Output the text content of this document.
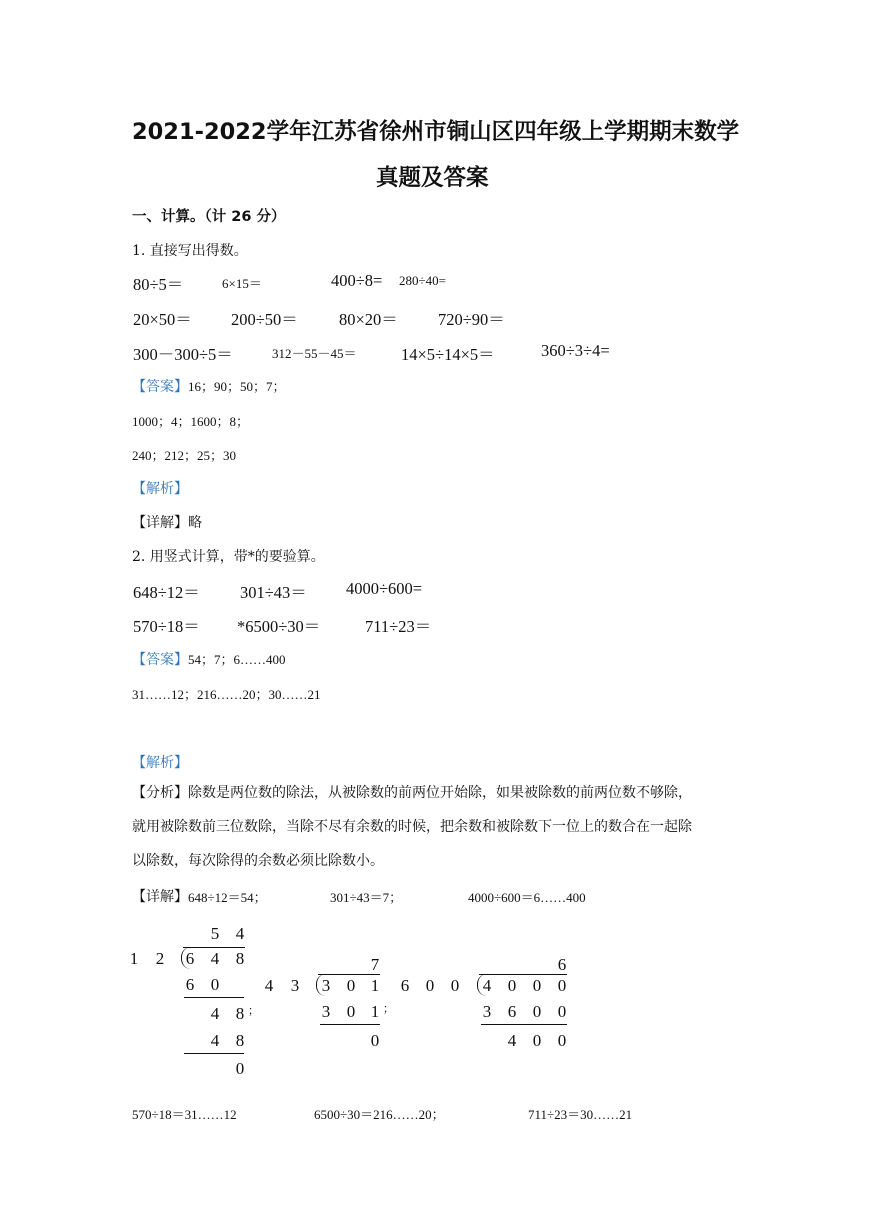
2021-2022学年江苏省徐州市铜山区四年级上学期期末数学
真题及答案
一、计算。（计 26 分）
1. 直接写出得数。
80÷5＝	6×15＝	400÷8= 280÷40=
20×50＝ 200÷50＝ 80×20＝ 720÷90＝
300－300÷5＝	312－55－45＝	14×5÷14×5＝	360÷3÷4=
【答案】16；90；50；7；
1000；4；1600；8；
240；212；25；30
【解析】
【详解】略
2. 用竖式计算，带*的要验算。
648÷12＝ 301÷43＝ 4000÷600=
570÷18＝ *6500÷30＝	711÷23＝
【答案】54；7；6……400
31……12；216……20；30……21
【解析】
【分析】除数是两位数的除法，从被除数的前两位开始除，如果被除数的前两位数不够除，
就用被除数前三位数除，当除不尽有余数的时候，把余数和被除数下一位上的数合在一起除
以除数，每次除得的余数必须比除数小。
【详解】 648÷12＝54；	301÷43＝7；	4000÷600＝6……400
5 4
1 2 6 4 8
6 0
4 8 ；
4 8
0
7
4 3 3 0 1
3 0 1 ；
0
6
6 0 0 4 0 0 0
3 6 0 0
4 0 0
570÷18＝31……12	6500÷30＝216……20；	711÷23＝30……21
